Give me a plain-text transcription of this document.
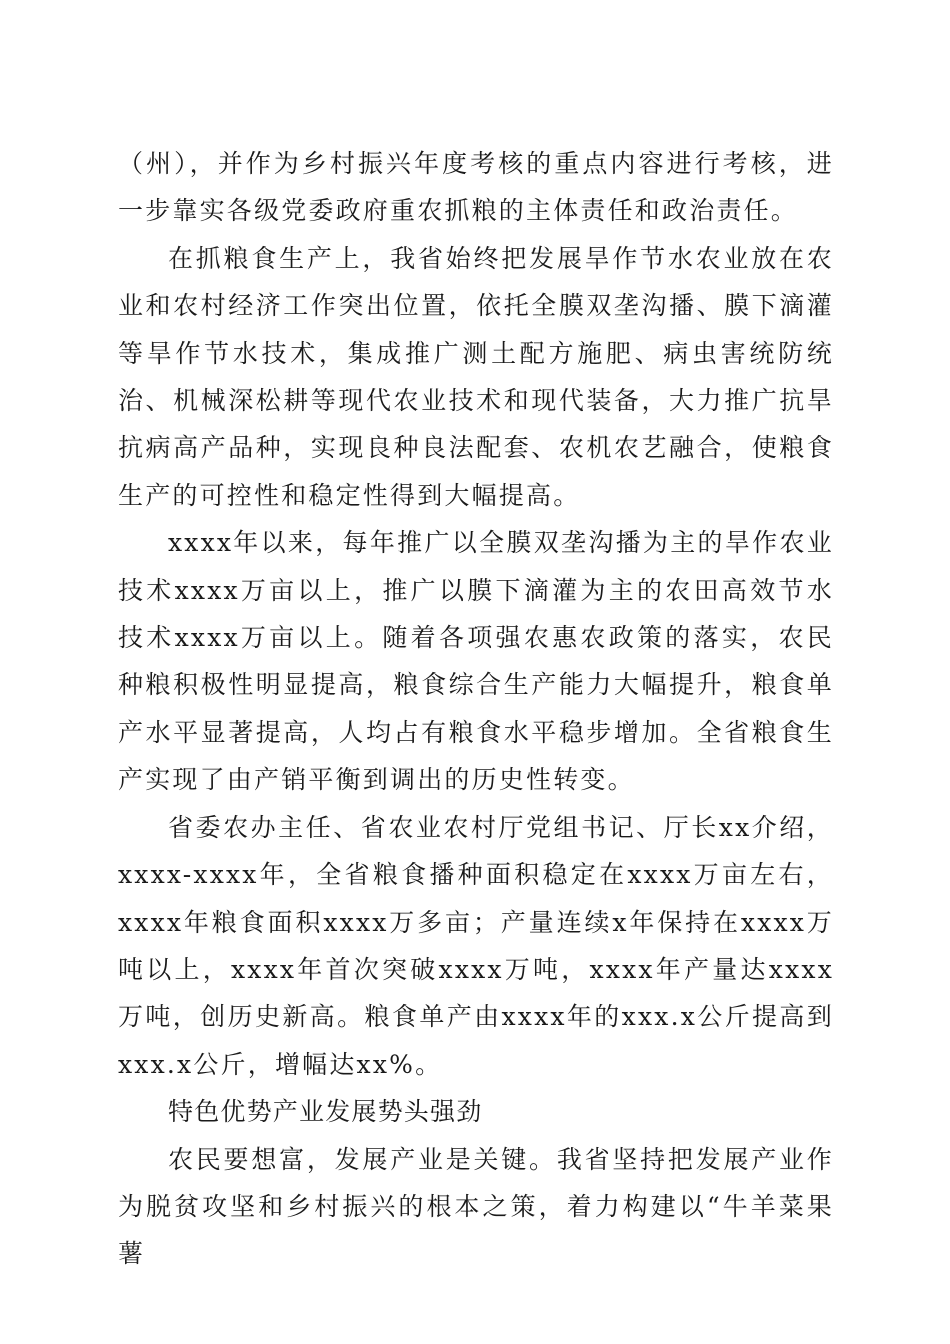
（州），并作为乡村振兴年度考核的重点内容进行考核，进一步靠实各级党委政府重农抓粮的主体责任和政治责任。

在抓粮食生产上，我省始终把发展旱作节水农业放在农业和农村经济工作突出位置，依托全膜双垄沟播、膜下滴灌等旱作节水技术，集成推广测土配方施肥、病虫害统防统治、机械深松耕等现代农业技术和现代装备，大力推广抗旱抗病高产品种，实现良种良法配套、农机农艺融合，使粮食生产的可控性和稳定性得到大幅提高。

xxxx年以来，每年推广以全膜双垄沟播为主的旱作农业技术xxxx万亩以上，推广以膜下滴灌为主的农田高效节水技术xxxx万亩以上。随着各项强农惠农政策的落实，农民种粮积极性明显提高，粮食综合生产能力大幅提升，粮食单产水平显著提高，人均占有粮食水平稳步增加。全省粮食生产实现了由产销平衡到调出的历史性转变。

省委农办主任、省农业农村厅党组书记、厅长xx介绍，xxxx-xxxx年，全省粮食播种面积稳定在xxxx万亩左右，xxxx年粮食面积xxxx万多亩；产量连续x年保持在xxxx万吨以上，xxxx年首次突破xxxx万吨，xxxx年产量达xxxx万吨，创历史新高。粮食单产由xxxx年的xxx.x公斤提高到xxx.x公斤，增幅达xx%。

特色优势产业发展势头强劲

农民要想富，发展产业是关键。我省坚持把发展产业作为脱贫攻坚和乡村振兴的根本之策，着力构建以“牛羊菜果薯
